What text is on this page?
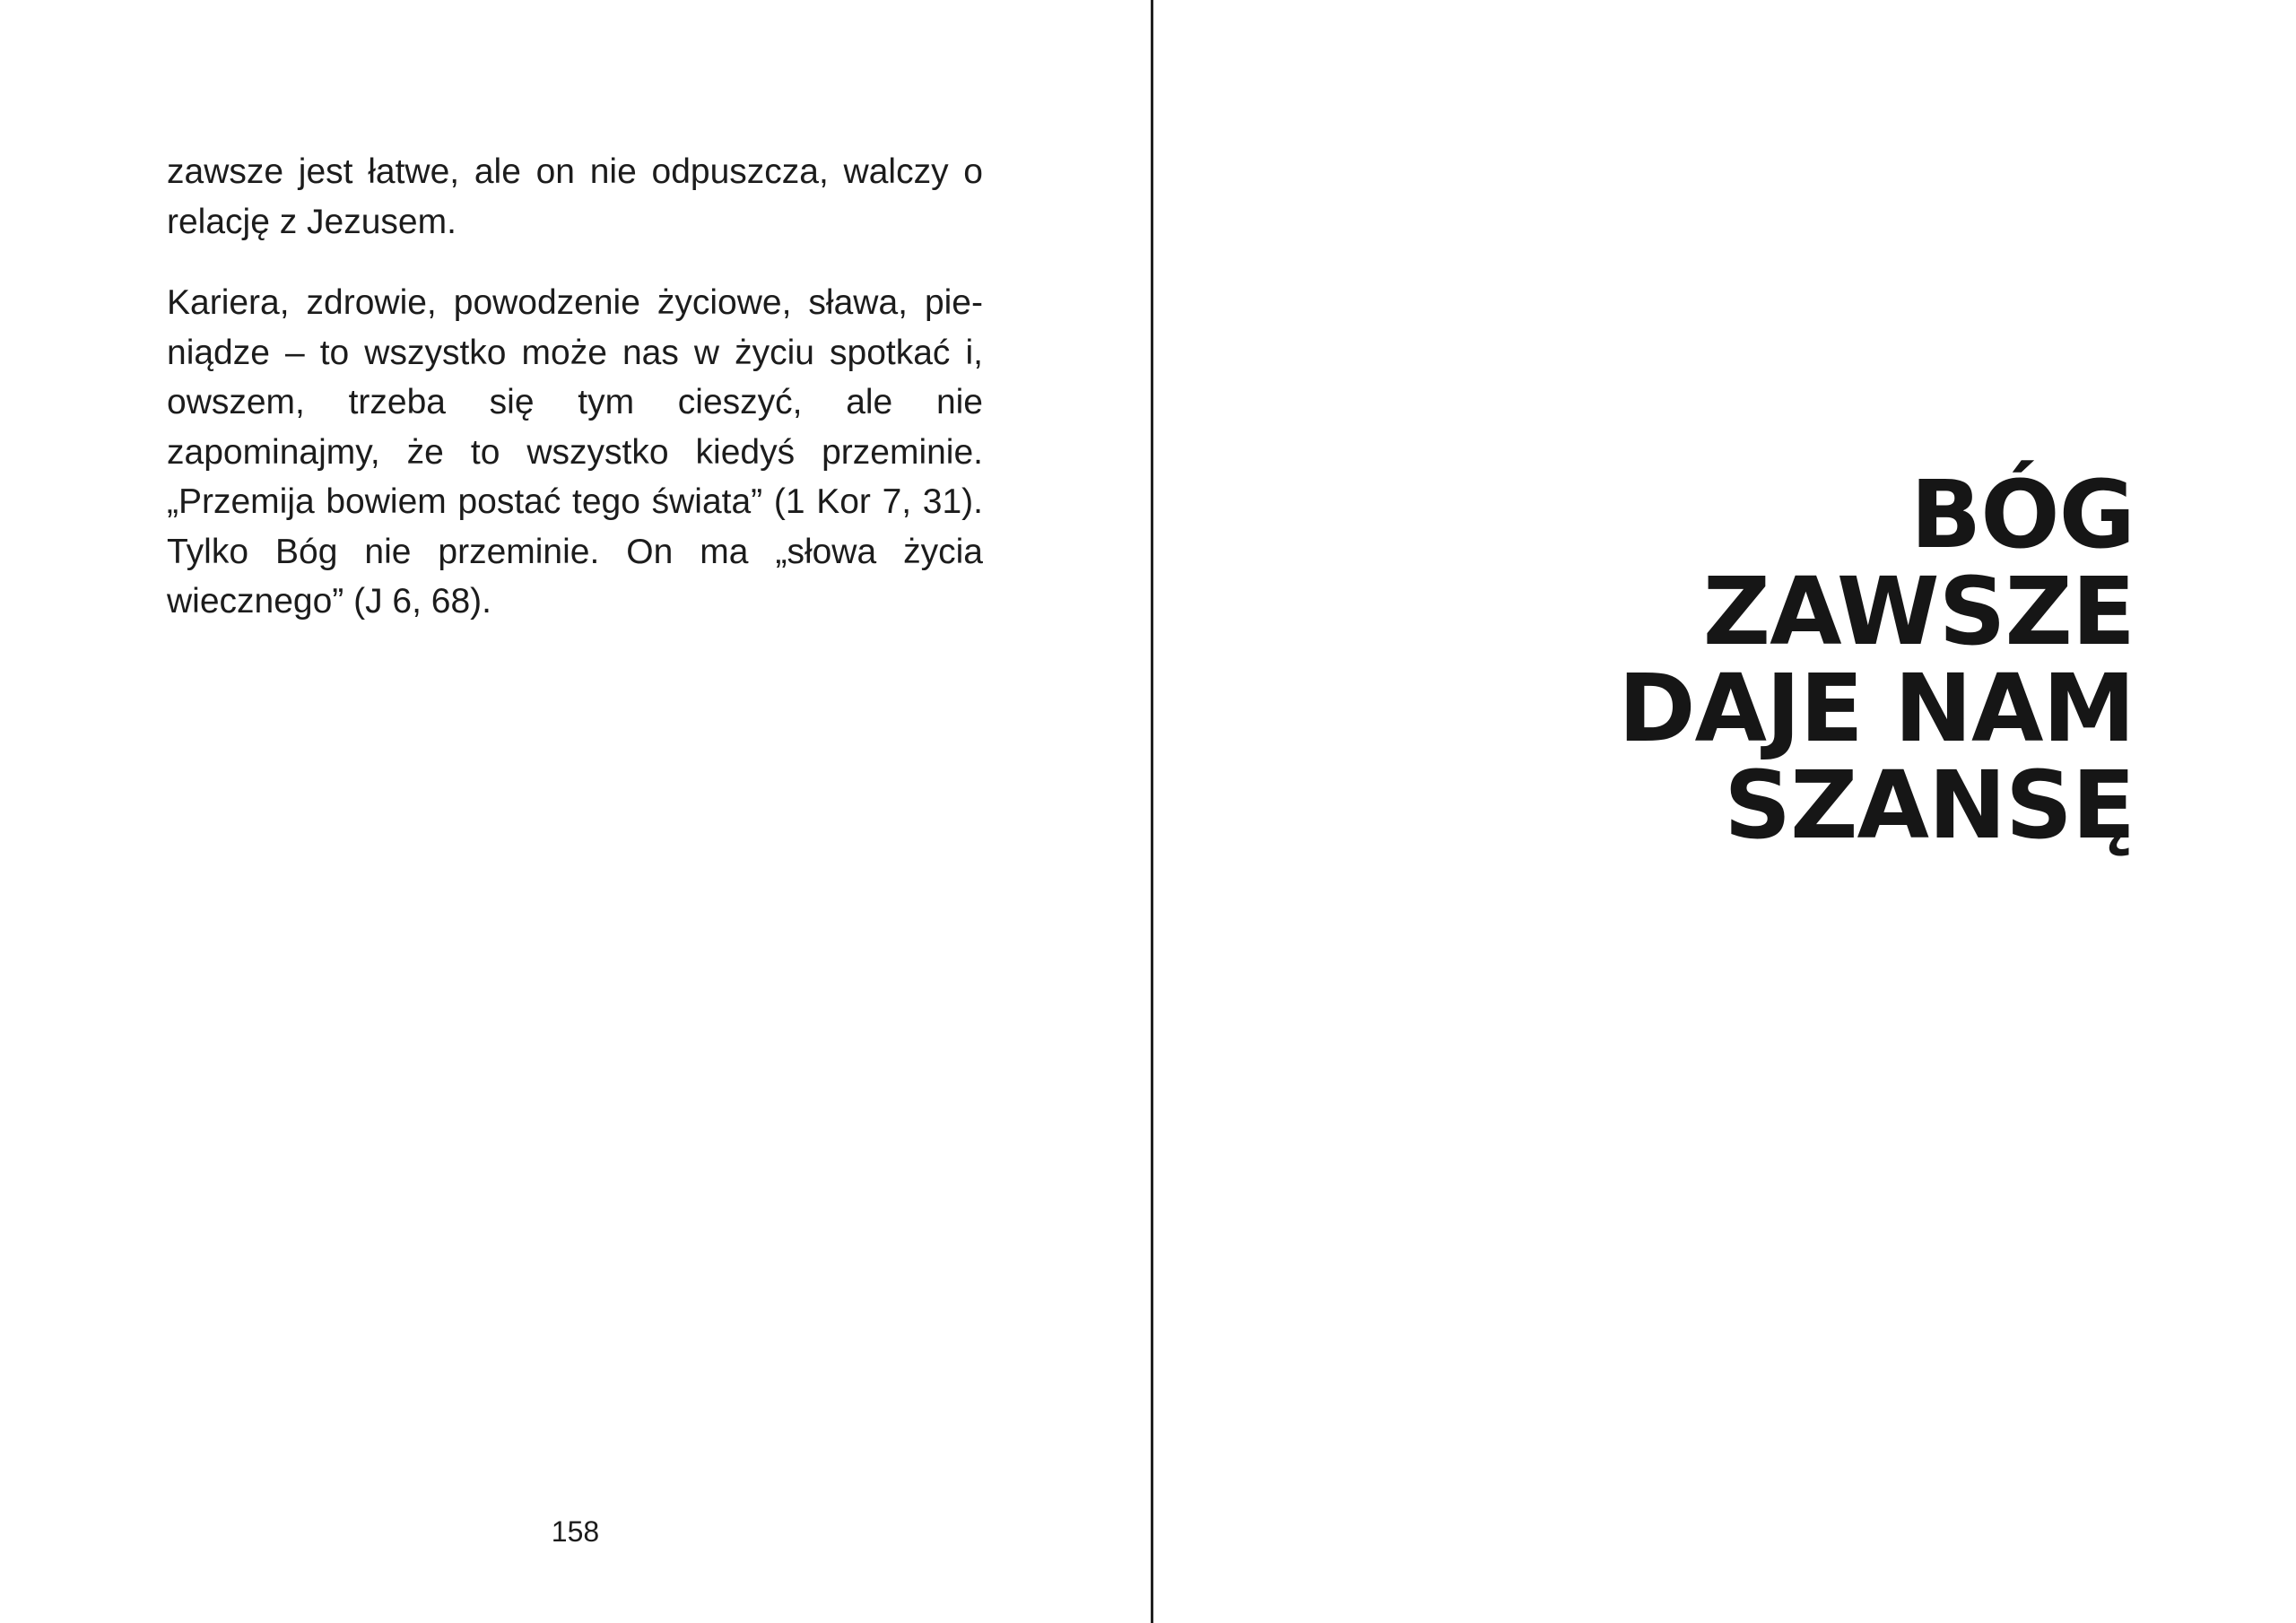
zawsze jest łatwe, ale on nie odpuszcza, walczy o relację z Jezusem.

Kariera, zdrowie, powodzenie życiowe, sława, pieniądze – to wszystko może nas w życiu spotkać i, owszem, trzeba się tym cieszyć, ale nie zapominajmy, że to wszystko kiedyś przeminie. „Przemija bowiem postać tego świata” (1 Kor 7, 31). Tylko Bóg nie przeminie. On ma „słowa życia wiecznego” (J 6, 68).

158
BÓG
ZAWSZE
DAJE NAM
SZANSĘ
